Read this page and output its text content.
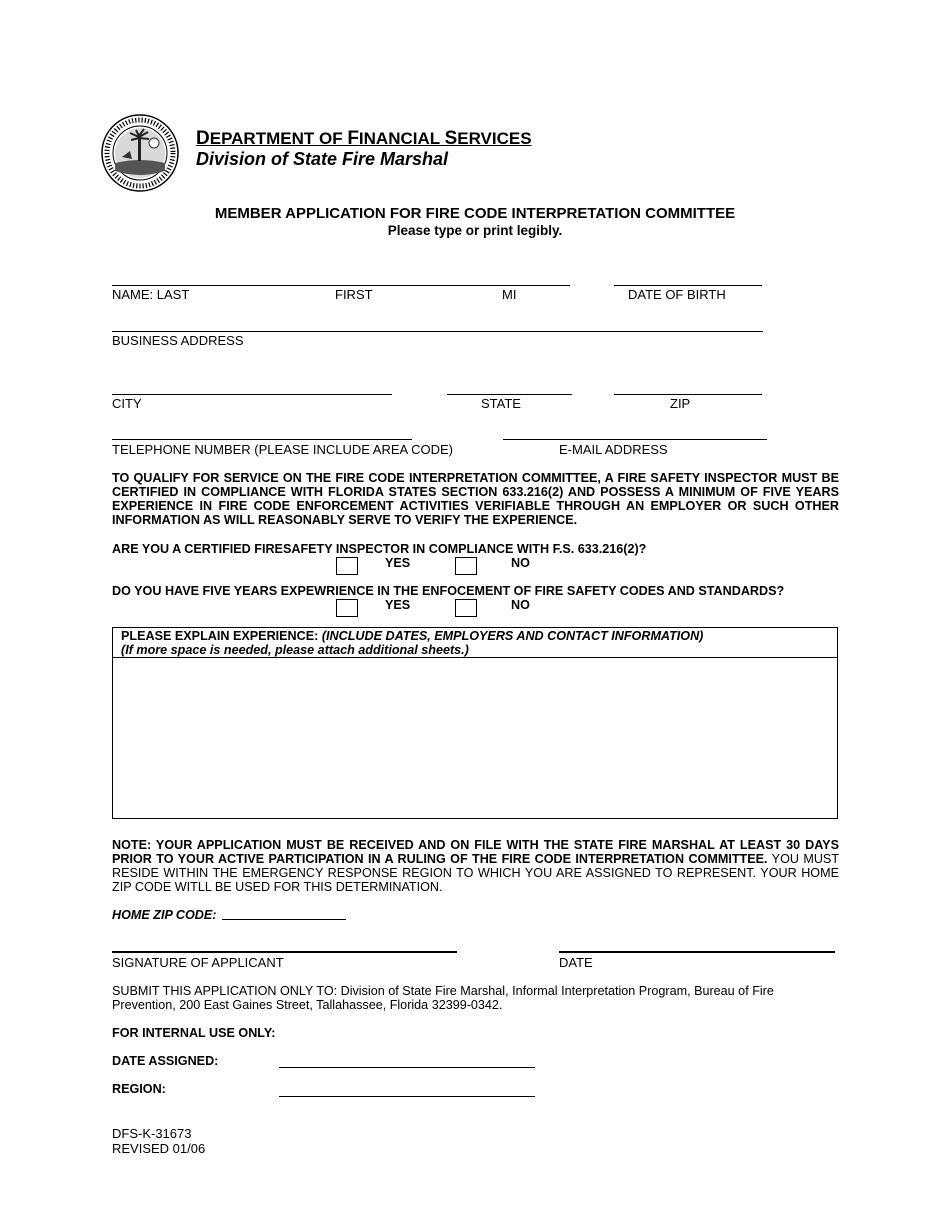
DEPARTMENT OF FINANCIAL SERVICES
Division of State Fire Marshal
MEMBER APPLICATION FOR FIRE CODE INTERPRETATION COMMITTEE
Please type or print legibly.
NAME: LAST	FIRST	MI	DATE OF BIRTH
BUSINESS ADDRESS
CITY	STATE	ZIP
TELEPHONE NUMBER (PLEASE INCLUDE AREA CODE)	E-MAIL ADDRESS
TO QUALIFY FOR SERVICE ON THE FIRE CODE INTERPRETATION COMMITTEE, A FIRE SAFETY INSPECTOR MUST BE CERTIFIED IN COMPLIANCE WITH FLORIDA STATES SECTION 633.216(2) AND POSSESS A MINIMUM OF FIVE YEARS EXPERIENCE IN FIRE CODE ENFORCEMENT ACTIVITIES VERIFIABLE THROUGH AN EMPLOYER OR SUCH OTHER INFORMATION AS WILL REASONABLY SERVE TO VERIFY THE EXPERIENCE.
ARE YOU A CERTIFIED FIRESAFETY INSPECTOR IN COMPLIANCE WITH F.S. 633.216(2)?
YES	NO
DO YOU HAVE FIVE YEARS EXPEWRIENCE IN THE ENFOCEMENT OF FIRE SAFETY CODES AND STANDARDS?
YES	NO
PLEASE EXPLAIN EXPERIENCE: (INCLUDE DATES, EMPLOYERS AND CONTACT INFORMATION)
(If more space is needed, please attach additional sheets.)
NOTE: YOUR APPLICATION MUST BE RECEIVED AND ON FILE WITH THE STATE FIRE MARSHAL AT LEAST 30 DAYS PRIOR TO YOUR ACTIVE PARTICIPATION IN A RULING OF THE FIRE CODE INTERPRETATION COMMITTEE. YOU MUST RESIDE WITHIN THE EMERGENCY RESPONSE REGION TO WHICH YOU ARE ASSIGNED TO REPRESENT. YOUR HOME ZIP CODE WITLL BE USED FOR THIS DETERMINATION.
HOME ZIP CODE:
SIGNATURE OF APPLICANT	DATE
SUBMIT THIS APPLICATION ONLY TO: Division of State Fire Marshal, Informal Interpretation Program, Bureau of Fire Prevention, 200 East Gaines Street, Tallahassee, Florida 32399-0342.
FOR INTERNAL USE ONLY:
DATE ASSIGNED:
REGION:
DFS-K-31673
REVISED 01/06
